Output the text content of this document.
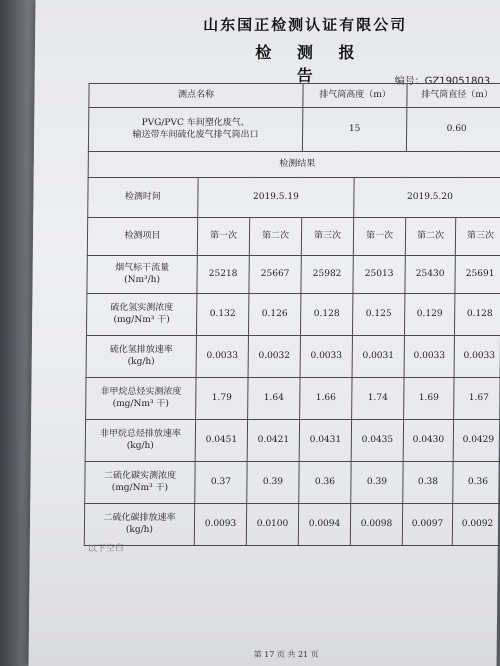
山东国正检测认证有限公司
检 测 报 告	编号：GZ19051803
测点名称			排气筒高度（m）		排气筒直径（m）	

PVG/PVC 车间塑化废气、
输送带车间硫化废气排气筒出口			15		0.60	
检测结果						
检测时间	2019.5.19			2019.5.20		
检测项目	第一次	第二次	第三次	第一次	第二次	第三次

烟气标干流量
(Nm³/h)	25218	25667	25982	25013	25430	25691

硫化氢实测浓度
(mg/Nm³ 干)	0.132	0.126	0.128	0.125	0.129	0.128

硫化氢排放速率
(kg/h)	0.0033	0.0032	0.0033	0.0031	0.0033	0.0033

非甲烷总烃实测浓度
(mg/Nm³ 干)	1.79	1.64	1.66	1.74	1.69	1.67

非甲烷总烃排放速率
(kg/h)	0.0451	0.0421	0.0431	0.0435	0.0430	0.0429

二硫化碳实测浓度
(mg/Nm³ 干)	0.37	0.39	0.36	0.39	0.38	0.36

二硫化碳排放速率
(kg/h)	0.0093	0.0100	0.0094	0.0098	0.0097	0.0092
以下空白
第 17 页 共 21 页
